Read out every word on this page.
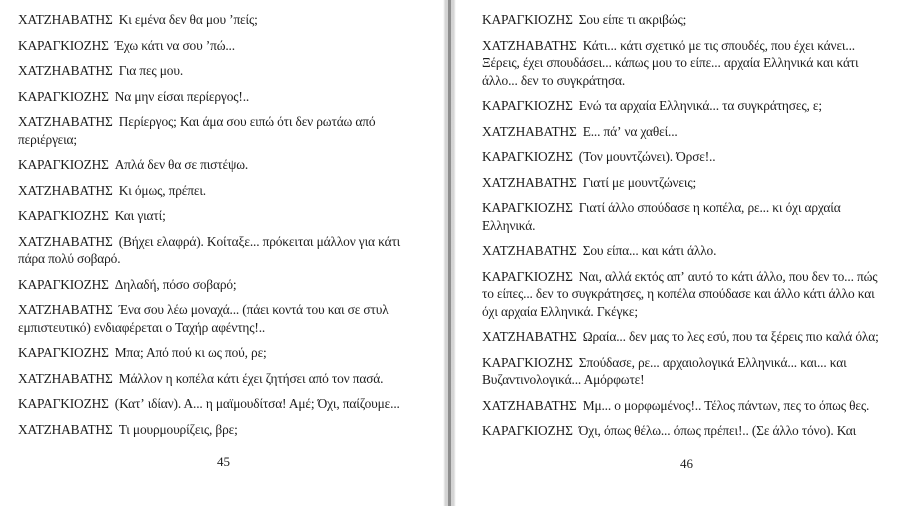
ΧΑΤΖΗΑΒΑΤΗΣ Κι εμένα δεν θα μου ʼπείς;

ΚΑΡΑΓΚΙΟΖΗΣ Έχω κάτι να σου ʼπώ...

ΧΑΤΖΗΑΒΑΤΗΣ Για πες μου.

ΚΑΡΑΓΚΙΟΖΗΣ Να μην είσαι περίεργος!..

ΧΑΤΖΗΑΒΑΤΗΣ Περίεργος; Και άμα σου ειπώ ότι δεν ρωτάω από περιέργεια;

ΚΑΡΑΓΚΙΟΖΗΣ Απλά δεν θα σε πιστέψω.

ΧΑΤΖΗΑΒΑΤΗΣ Κι όμως, πρέπει.

ΚΑΡΑΓΚΙΟΖΗΣ Και γιατί;

ΧΑΤΖΗΑΒΑΤΗΣ (Βήχει ελαφρά). Κοίταξε... πρόκειται μάλλον για κάτι πάρα πολύ σοβαρό.

ΚΑΡΑΓΚΙΟΖΗΣ Δηλαδή, πόσο σοβαρό;

ΧΑΤΖΗΑΒΑΤΗΣ Ένα σου λέω μοναχά... (πάει κοντά του και σε στυλ εμπιστευτικό) ενδιαφέρεται ο Ταχήρ αφέντης!..

ΚΑΡΑΓΚΙΟΖΗΣ Μπα; Από πού κι ως πού, ρε;

ΧΑΤΖΗΑΒΑΤΗΣ Μάλλον η κοπέλα κάτι έχει ζητήσει από τον πασά.

ΚΑΡΑΓΚΙΟΖΗΣ (Κατʼ ιδίαν). Α... η μαϊμουδίτσα! Αμέ; Όχι, παίζουμε...

ΧΑΤΖΗΑΒΑΤΗΣ Τι μουρμουρίζεις, βρε;

45

ΚΑΡΑΓΚΙΟΖΗΣ Σου είπε τι ακριβώς;

ΧΑΤΖΗΑΒΑΤΗΣ Κάτι... κάτι σχετικό με τις σπουδές, που έχει κάνει... Ξέρεις, έχει σπουδάσει... κάπως μου το είπε... αρχαία Ελληνικά και κάτι άλλο... δεν το συγκράτησα.

ΚΑΡΑΓΚΙΟΖΗΣ Ενώ τα αρχαία Ελληνικά... τα συγκράτησες, ε;

ΧΑΤΖΗΑΒΑΤΗΣ Ε... πάʼ να χαθεί...

ΚΑΡΑΓΚΙΟΖΗΣ (Τον μουντζώνει). Όρσε!..

ΧΑΤΖΗΑΒΑΤΗΣ Γιατί με μουντζώνεις;

ΚΑΡΑΓΚΙΟΖΗΣ Γιατί άλλο σπούδασε η κοπέλα, ρε... κι όχι αρχαία Ελληνικά.

ΧΑΤΖΗΑΒΑΤΗΣ Σου είπα... και κάτι άλλο.

ΚΑΡΑΓΚΙΟΖΗΣ Ναι, αλλά εκτός απʼ αυτό το κάτι άλλο, που δεν το... πώς το είπες... δεν το συγκράτησες, η κοπέλα σπούδασε και άλλο κάτι άλλο και όχι αρχαία Ελληνικά. Γκέγκε;

ΧΑΤΖΗΑΒΑΤΗΣ Ωραία... δεν μας το λες εσύ, που τα ξέρεις πιο καλά όλα;

ΚΑΡΑΓΚΙΟΖΗΣ Σπούδασε, ρε... αρχαιολογικά Ελληνικά... και... και Βυζαντινολογικά... Αμόρφωτε!

ΧΑΤΖΗΑΒΑΤΗΣ Μμ... ο μορφωμένος!.. Τέλος πάντων, πες το όπως θες.

ΚΑΡΑΓΚΙΟΖΗΣ Όχι, όπως θέλω... όπως πρέπει!.. (Σε άλλο τόνο). Και

46
